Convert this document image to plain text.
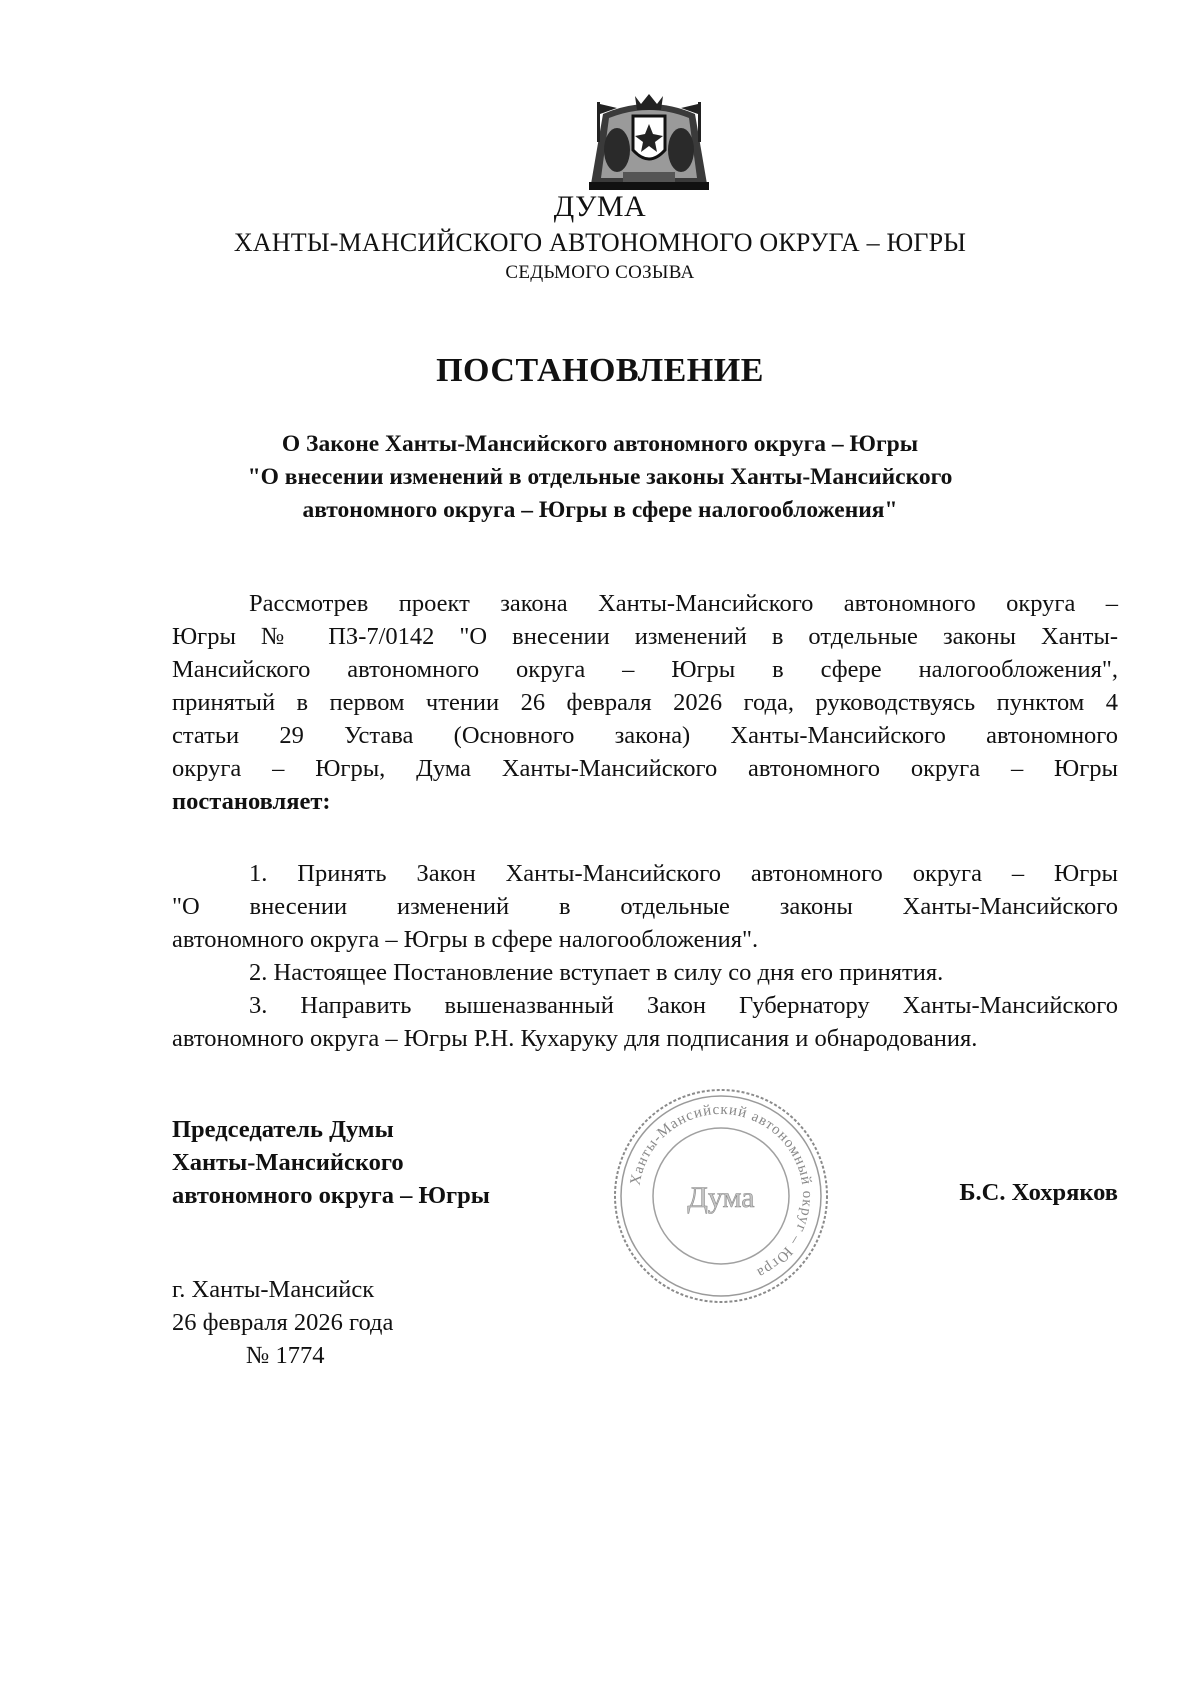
ДУМА
ХАНТЫ-МАНСИЙСКОГО АВТОНОМНОГО ОКРУГА – ЮГРЫ
СЕДЬМОГО СОЗЫВА
ПОСТАНОВЛЕНИЕ
О Законе Ханты-Мансийского автономного округа – Югры
"О внесении изменений в отдельные законы Ханты-Мансийского
автономного округа – Югры в сфере налогообложения"
Рассмотрев проект закона Ханты-Мансийского автономного округа –
Югры № ПЗ-7/0142 "О внесении изменений в отдельные законы Ханты-
Мансийского автономного округа – Югры в сфере налогообложения",
принятый в первом чтении 26 февраля 2026 года, руководствуясь пунктом 4
статьи 29 Устава (Основного закона) Ханты-Мансийского автономного
округа – Югры, Дума Ханты-Мансийского автономного округа – Югры
постановляет:
1. Принять Закон Ханты-Мансийского автономного округа – Югры
"О внесении изменений в отдельные законы Ханты-Мансийского
автономного округа – Югры в сфере налогообложения".
2. Настоящее Постановление вступает в силу со дня его принятия.
3. Направить вышеназванный Закон Губернатору Ханты-Мансийского
автономного округа – Югры Р.Н. Кухаруку для подписания и обнародования.
Председатель Думы
Ханты-Мансийского
автономного округа – Югры
Ханты-Мансийский автономный округ – Югра
Дума	Б.С. Хохряков
г. Ханты-Мансийск
26 февраля 2026 года
№ 1774
